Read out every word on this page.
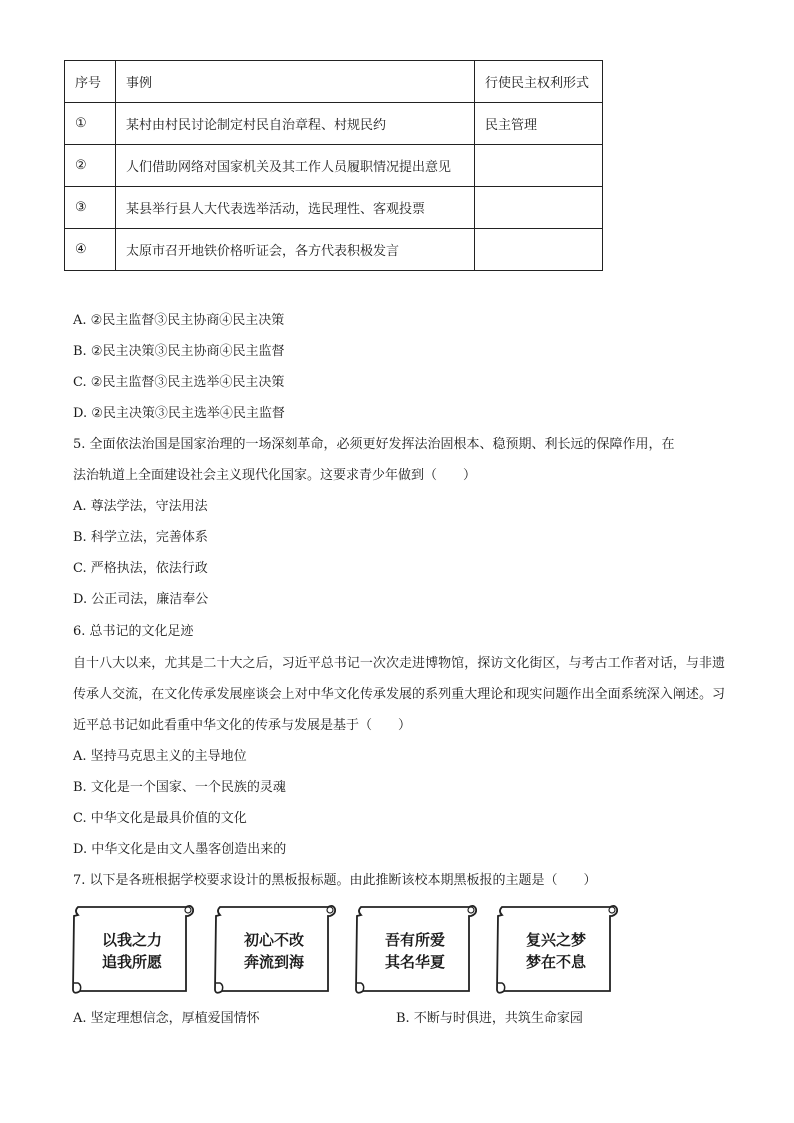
序号	事例	行使民主权利形式
①	某村由村民讨论制定村民自治章程、村规民约	民主管理
②	人们借助网络对国家机关及其工作人员履职情况提出意见	
③	某县举行县人大代表选举活动，选民理性、客观投票	
④	太原市召开地铁价格听证会，各方代表积极发言	
A. ②民主监督③民主协商④民主决策
B. ②民主决策③民主协商④民主监督
C. ②民主监督③民主选举④民主决策
D. ②民主决策③民主选举④民主监督
5. 全面依法治国是国家治理的一场深刻革命，必须更好发挥法治固根本、稳预期、利长远的保障作用，在
法治轨道上全面建设社会主义现代化国家。这要求青少年做到（　　）
A. 尊法学法，守法用法
B. 科学立法，完善体系
C. 严格执法，依法行政
D. 公正司法，廉洁奉公
6. 总书记的文化足迹
自十八大以来，尤其是二十大之后，习近平总书记一次次走进博物馆，探访文化街区，与考古工作者对话，与非遗传承人交流，在文化传承发展座谈会上对中华文化传承发展的系列重大理论和现实问题作出全面系统深入阐述。习近平总书记如此看重中华文化的传承与发展是基于（　　）
A. 坚持马克思主义的主导地位
B. 文化是一个国家、一个民族的灵魂
C. 中华文化是最具价值的文化
D. 中华文化是由文人墨客创造出来的
7. 以下是各班根据学校要求设计的黑板报标题。由此推断该校本期黑板报的主题是（　　）
以我之力
追我所愿
初心不改
奔流到海
吾有所爱
其名华夏
复兴之梦
梦在不息
A. 坚定理想信念，厚植爱国情怀	B. 不断与时俱进，共筑生命家园
